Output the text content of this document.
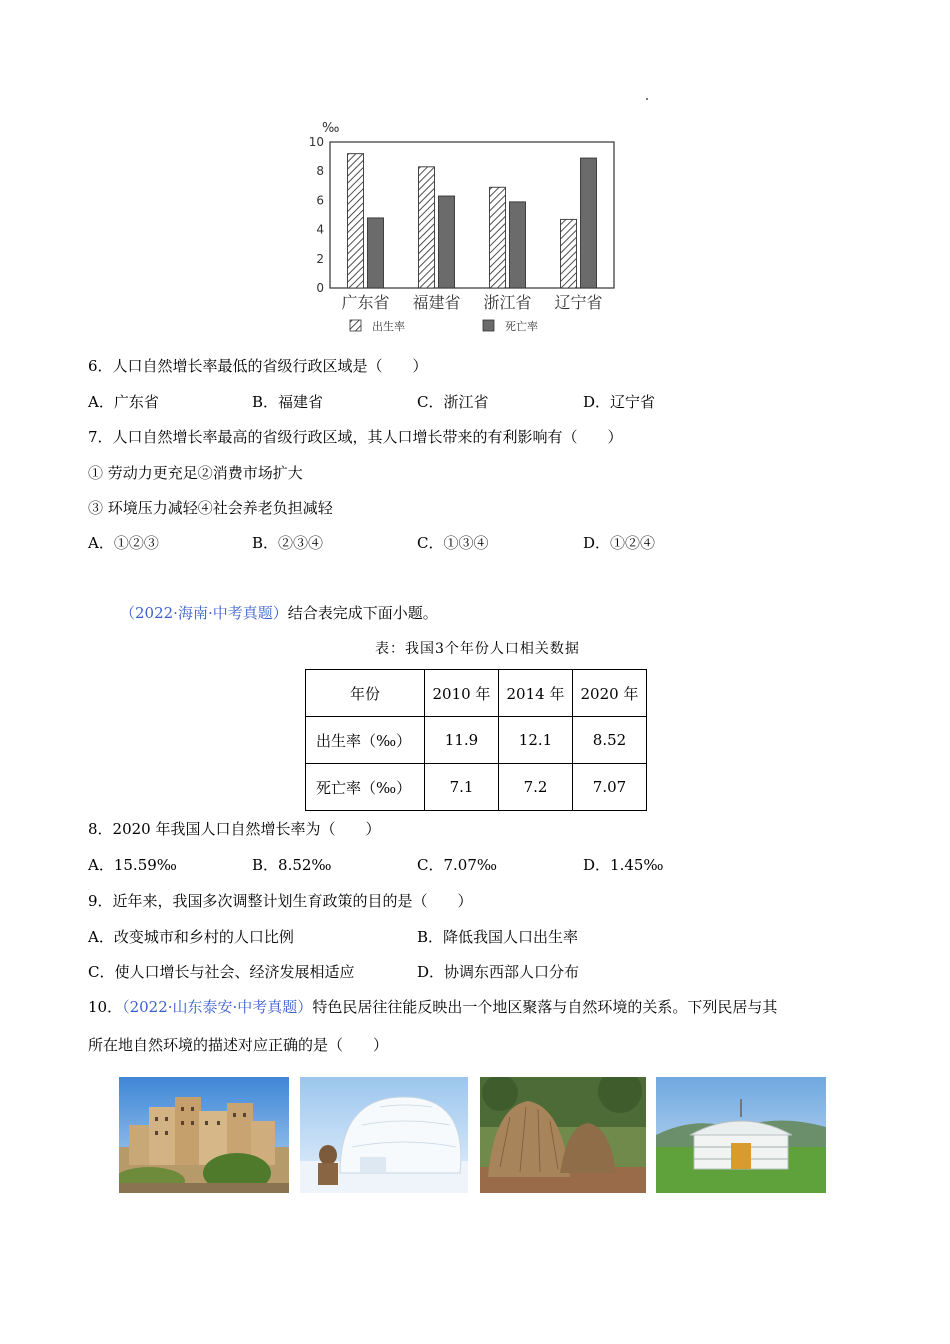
‰
0
2
4
6
8
10
广东省 福建省 浙江省 辽宁省
出生率	死亡率
6．人口自然增长率最低的省级行政区域是（　　）
A．广东省	B．福建省	C．浙江省	D．辽宁省
7．人口自然增长率最高的省级行政区域，其人口增长带来的有利影响有（　　）
① 劳动力更充足②消费市场扩大
③ 环境压力减轻④社会养老负担减轻
A．①②③	B．②③④	C．①③④	D．①②④
（2022·海南·中考真题）结合表完成下面小题。
表：我国3个年份人口相关数据
年份	2010 年	2014 年	2020 年
出生率（‰）	11.9	12.1	8.52
死亡率（‰）	7.1	7.2	7.07
8．2020 年我国人口自然增长率为（　　）
A．15.59‰	B．8.52‰	C．7.07‰	D．1.45‰
9．近年来，我国多次调整计划生育政策的目的是（　　）
A．改变城市和乡村的人口比例	B．降低我国人口出生率
C．使人口增长与社会、经济发展相适应	D．协调东西部人口分布
10．（2022·山东泰安·中考真题）特色民居往往能反映出一个地区聚落与自然环境的关系。下列民居与其
所在地自然环境的描述对应正确的是（　　）
